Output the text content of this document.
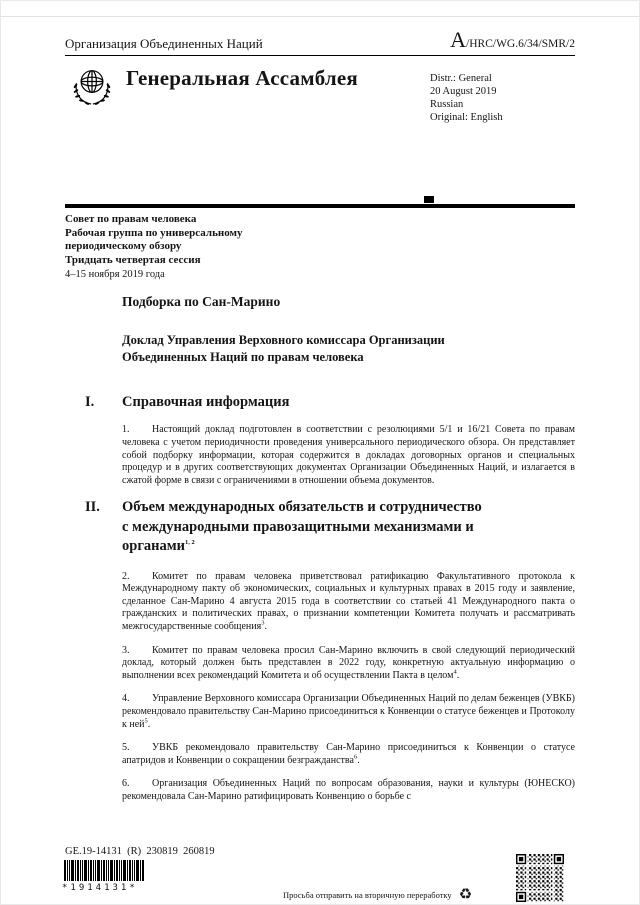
Организация Объединенных Наций	A /HRC/WG.6/34/SMR/2
Генеральная Ассамблея	Distr.: General
20 August 2019
Russian
Original: English
Совет по правам человека
Рабочая группа по универсальному периодическому обзору
Тридцать четвертая сессия
4–15 ноября 2019 года
Подборка по Сан-Марино
Доклад Управления Верховного комиссара Организации Объединенных Наций по правам человека
I.	Справочная информация

1. Настоящий доклад подготовлен в соответствии с резолюциями 5/1 и 16/21 Совета по правам человека с учетом периодичности проведения универсального периодического обзора. Он представляет собой подборку информации, которая содержится в докладах договорных органов и специальных процедур и в других соответствующих документах Организации Объединенных Наций, и излагается в сжатой форме в связи с ограничениями в отношении объема документов.

II.	Объем международных обязательств и сотрудничество с международными правозащитными механизмами и органами$^{1, 2}$

2. Комитет по правам человека приветствовал ратификацию Факультативного протокола к Международному пакту об экономических, социальных и культурных правах в 2015 году и заявление, сделанное Сан-Марино 4 августа 2015 года в соответствии со статьей 41 Международного пакта о гражданских и политических правах, о признании компетенции Комитета получать и рассматривать межгосударственные сообщения$^3$.

3. Комитет по правам человека просил Сан-Марино включить в свой следующий периодический доклад, который должен быть представлен в 2022 году, конкретную актуальную информацию о выполнении всех рекомендаций Комитета и об осуществлении Пакта в целом$^4$.

4. Управление Верховного комиссара Организации Объединенных Наций по делам беженцев (УВКБ) рекомендовало правительству Сан-Марино присоединиться к Конвенции о статусе беженцев и Протоколу к ней$^5$.

5. УВКБ рекомендовало правительству Сан-Марино присоединиться к Конвенции о статусе апатридов и Конвенции о сокращении безгражданства$^6$.

6. Организация Объединенных Наций по вопросам образования, науки и культуры (ЮНЕСКО) рекомендовала Сан-Марино ратифицировать Конвенцию о борьбе с

GE.19-14131  (R)  230819  260819
*1914131*
Просьба отправить на вторичную переработку ♻
